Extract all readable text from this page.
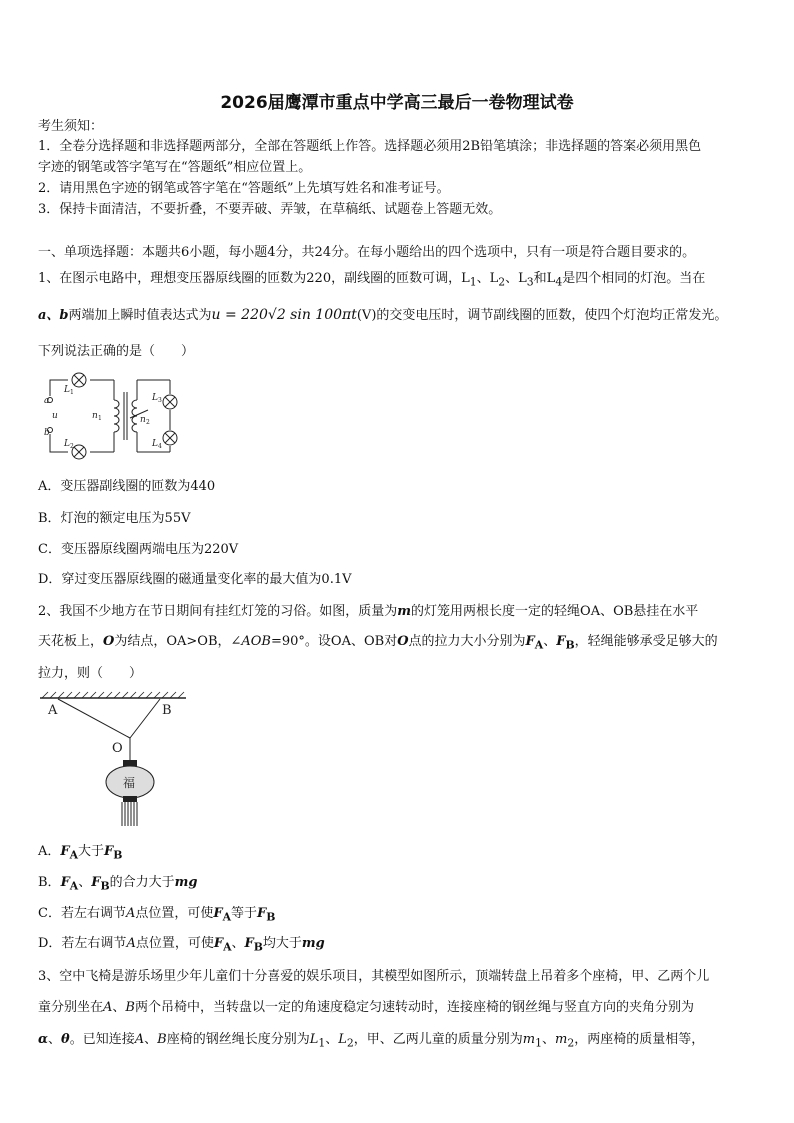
2026届鹰潭市重点中学高三最后一卷物理试卷
考生须知：
1．全卷分选择题和非选择题两部分，全部在答题纸上作答。选择题必须用2B铅笔填涂；非选择题的答案必须用黑色
字迹的钢笔或答字笔写在“答题纸”相应位置上。
2．请用黑色字迹的钢笔或答字笔在“答题纸”上先填写姓名和准考证号。
3．保持卡面清洁，不要折叠，不要弄破、弄皱，在草稿纸、试题卷上答题无效。
一、单项选择题：本题共6小题，每小题4分，共24分。在每小题给出的四个选项中，只有一项是符合题目要求的。
1、在图示电路中，理想变压器原线圈的匝数为220，副线圈的匝数可调，$L_1$、$L_2$、$L_3$和$L_4$是四个相同的灯泡。当在
a、b两端加上瞬时值表达式为u = 220√2 sin 100πt(V)的交变电压时，调节副线圈的匝数，使四个灯泡均正常发光。
下列说法正确的是（　　）
a
u
b
n	n
L
L
L
L
1
2
1
2
3
4
A．变压器副线圈的匝数为440
B．灯泡的额定电压为55V
C．变压器原线圈两端电压为220V
D．穿过变压器原线圈的磁通量变化率的最大值为0.1V
2、我国不少地方在节日期间有挂红灯笼的习俗。如图，质量为m的灯笼用两根长度一定的轻绳OA、OB悬挂在水平
天花板上，O为结点，OA>OB，∠AOB=90°。设OA、OB对O点的拉力大小分别为$F_A$、$F_B$，轻绳能够承受足够大的
拉力，则（　　）
A	B
O
福
A．$F_A$大于$F_B$
B．$F_A$、$F_B$的合力大于mg
C．若左右调节A点位置，可使$F_A$等于$F_B$
D．若左右调节A点位置，可使$F_A$、$F_B$均大于mg
3、空中飞椅是游乐场里少年儿童们十分喜爱的娱乐项目，其模型如图所示，顶端转盘上吊着多个座椅，甲、乙两个儿
童分别坐在A、B两个吊椅中，当转盘以一定的角速度稳定匀速转动时，连接座椅的钢丝绳与竖直方向的夹角分别为
α、θ。已知连接A、B座椅的钢丝绳长度分别为$L_1$、$L_2$，甲、乙两儿童的质量分别为$m_1$、$m_2$，两座椅的质量相等，
